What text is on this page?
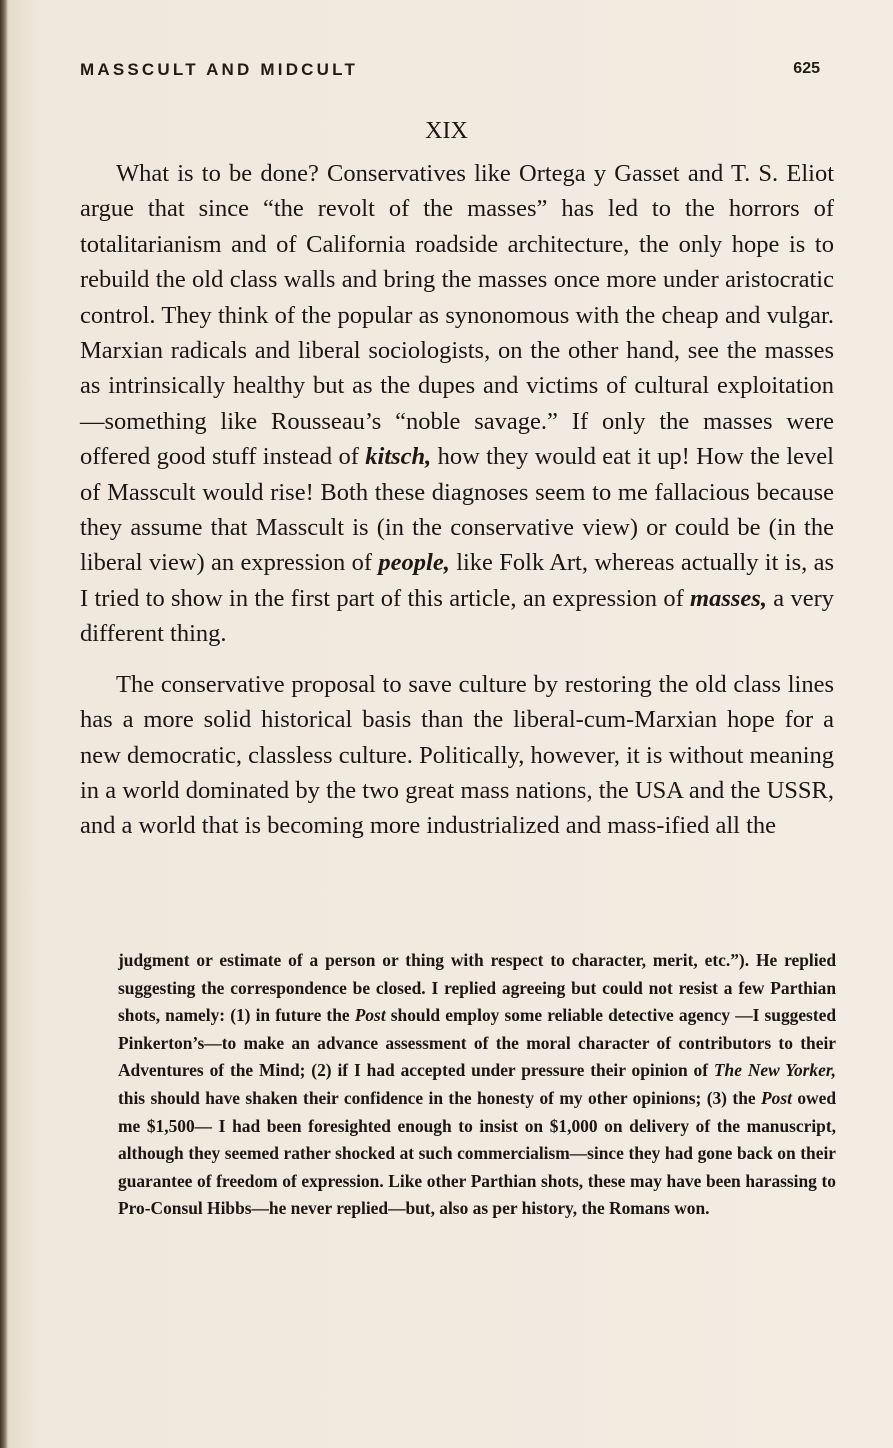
MASSCULT AND MIDCULT	625
XIX

What is to be done? Conservatives like Ortega y Gasset and T. S. Eliot argue that since “the revolt of the masses” has led to the horrors of totalitarianism and of California roadside architecture, the only hope is to rebuild the old class walls and bring the masses once more under aristocratic control. They think of the popular as synonomous with the cheap and vulgar. Marxian radicals and liberal sociologists, on the other hand, see the masses as intrinsically healthy but as the dupes and victims of cultural exploitation—something like Rousseau’s “noble savage.” If only the masses were offered good stuff instead of kitsch, how they would eat it up! How the level of Masscult would rise! Both these diagnoses seem to me fallacious because they assume that Masscult is (in the conservative view) or could be (in the liberal view) an expression of people, like Folk Art, whereas actually it is, as I tried to show in the first part of this article, an expression of masses, a very different thing.

The conservative proposal to save culture by restoring the old class lines has a more solid historical basis than the liberal-cum-Marxian hope for a new democratic, classless culture. Politically, however, it is without meaning in a world dominated by the two great mass nations, the USA and the USSR, and a world that is becoming more industrialized and mass-ified all the

judgment or estimate of a person or thing with respect to character, merit, etc.”). He replied suggesting the correspondence be closed. I replied agreeing but could not resist a few Parthian shots, namely: (1) in future the Post should employ some reliable detective agency —I suggested Pinkerton’s—to make an advance assessment of the moral character of contributors to their Adventures of the Mind; (2) if I had accepted under pressure their opinion of The New Yorker, this should have shaken their confidence in the honesty of my other opinions; (3) the Post owed me $1,500— I had been foresighted enough to insist on $1,000 on delivery of the manuscript, although they seemed rather shocked at such commercialism—since they had gone back on their guarantee of freedom of expression. Like other Parthian shots, these may have been harassing to Pro-Consul Hibbs—he never replied—but, also as per history, the Romans won.
